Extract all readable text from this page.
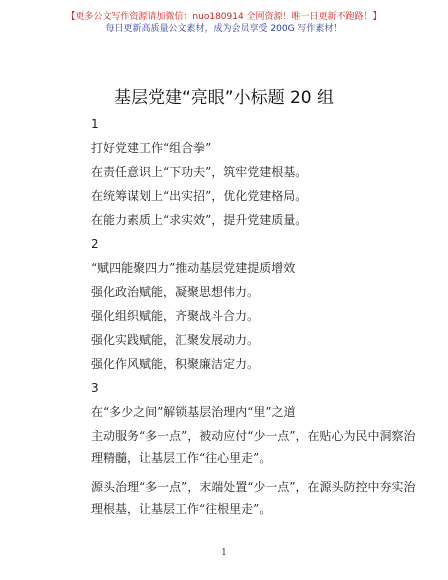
【更多公文写作资源请加微信：nuo180914 全网资源！唯一日更新不跑路！】
每日更新高质量公文素材，成为会员享受 200G 写作素材！
基层党建“亮眼”小标题 20 组

1

打好党建工作“组合拳”

在责任意识上“下功夫”，筑牢党建根基。

在统筹谋划上“出实招”，优化党建格局。

在能力素质上“求实效”，提升党建质量。

2

“赋四能聚四力”推动基层党建提质增效

强化政治赋能，凝聚思想伟力。

强化组织赋能，齐聚战斗合力。

强化实践赋能，汇聚发展动力。

强化作风赋能，积聚廉洁定力。

3

在“多少之间”解锁基层治理内“里”之道

主动服务“多一点”，被动应付“少一点”，在贴心为民中洞察治理精髓，让基层工作“往心里走”。

源头治理“多一点”，末端处置“少一点”，在源头防控中夯实治理根基，让基层工作“往根里走”。

1
